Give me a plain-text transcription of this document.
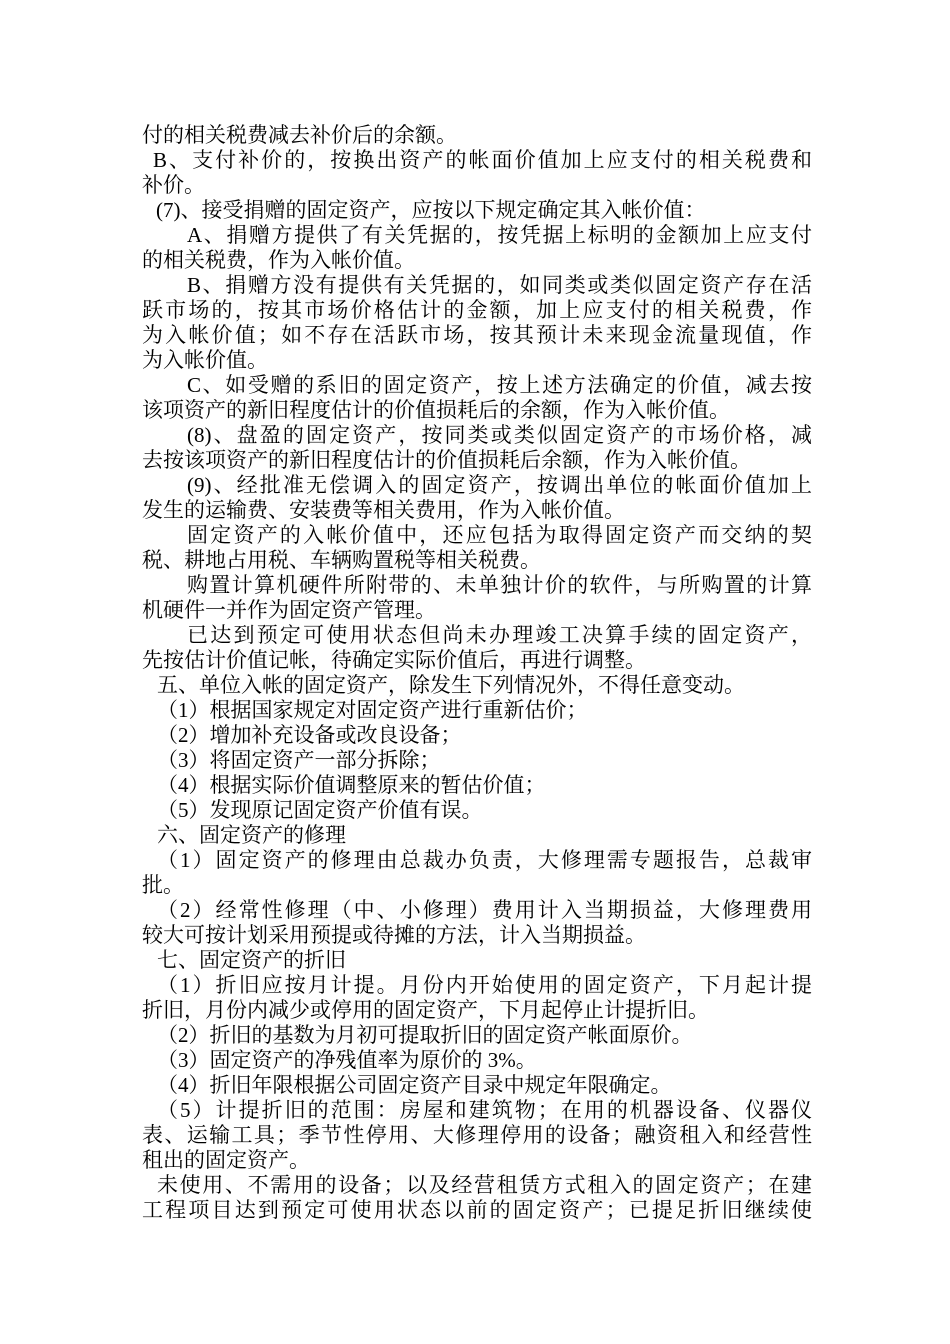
付的相关税费减去补价后的余额。
B、支付补价的，按换出资产的帐面价值加上应支付的相关税费和
补价。
(7)、接受捐赠的固定资产，应按以下规定确定其入帐价值：
A、捐赠方提供了有关凭据的，按凭据上标明的金额加上应支付
的相关税费，作为入帐价值。
B、捐赠方没有提供有关凭据的，如同类或类似固定资产存在活
跃市场的，按其市场价格估计的金额，加上应支付的相关税费，作
为入帐价值；如不存在活跃市场，按其预计未来现金流量现值，作
为入帐价值。
C、如受赠的系旧的固定资产，按上述方法确定的价值，减去按
该项资产的新旧程度估计的价值损耗后的余额，作为入帐价值。
(8)、盘盈的固定资产，按同类或类似固定资产的市场价格，减
去按该项资产的新旧程度估计的价值损耗后余额，作为入帐价值。
(9)、经批准无偿调入的固定资产，按调出单位的帐面价值加上
发生的运输费、安装费等相关费用，作为入帐价值。
固定资产的入帐价值中，还应包括为取得固定资产而交纳的契
税、耕地占用税、车辆购置税等相关税费。
购置计算机硬件所附带的、未单独计价的软件，与所购置的计算
机硬件一并作为固定资产管理。
已达到预定可使用状态但尚未办理竣工决算手续的固定资产，
先按估计价值记帐，待确定实际价值后，再进行调整。
五、单位入帐的固定资产，除发生下列情况外，不得任意变动。
（1）根据国家规定对固定资产进行重新估价；
（2）增加补充设备或改良设备；
（3）将固定资产一部分拆除；
（4）根据实际价值调整原来的暂估价值；
（5）发现原记固定资产价值有误。
六、固定资产的修理
（1）固定资产的修理由总裁办负责，大修理需专题报告，总裁审
批。
（2）经常性修理（中、小修理）费用计入当期损益，大修理费用
较大可按计划采用预提或待摊的方法，计入当期损益。
七、固定资产的折旧
（1）折旧应按月计提。月份内开始使用的固定资产，下月起计提
折旧，月份内减少或停用的固定资产，下月起停止计提折旧。
（2）折旧的基数为月初可提取折旧的固定资产帐面原价。
（3）固定资产的净残值率为原价的 3%。
（4）折旧年限根据公司固定资产目录中规定年限确定。
（5）计提折旧的范围：房屋和建筑物；在用的机器设备、仪器仪
表、运输工具；季节性停用、大修理停用的设备；融资租入和经营性
租出的固定资产。
未使用、不需用的设备；以及经营租赁方式租入的固定资产；在建
工程项目达到预定可使用状态以前的固定资产；已提足折旧继续使
